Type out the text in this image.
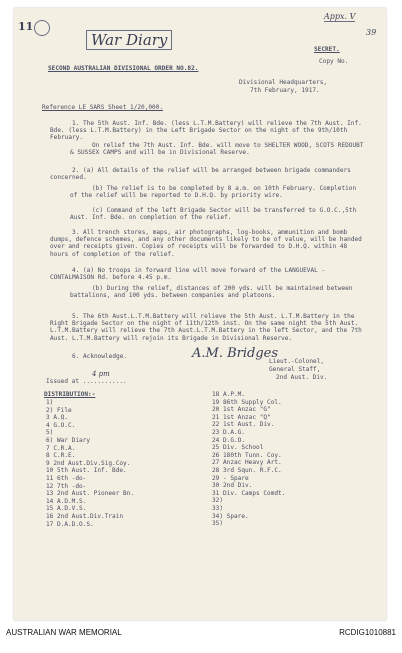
11
War Diary
Appx. V
39
SECRET.
Copy No.
SECOND AUSTRALIAN DIVISIONAL ORDER NO.82.
Divisional Headquarters,
7th February, 1917.
Reference LE SARS Sheet 1/20,000.

1. The 5th Aust. Inf. Bde. (less L.T.M.Battery) will relieve the 7th Aust. Inf. Bde. (less L.T.M.Battery) in the Left Brigade Sector on the night of the 9th/10th February.

On relief the 7th Aust. Inf. Bde. will move to SHELTER WOOD, SCOTS REDOUBT & SUSSEX CAMPS and will be in Divisional Reserve.

2. (a) All details of the relief will be arranged between brigade commanders concerned.

(b) The relief is to be completed by 8 a.m. on 10th February. Completion of the relief will be reported to D.H.Q. by priority wire.

(c) Command of the left Brigade Sector will be transferred to G.O.C.,5th Aust. Inf. Bde. on completion of the relief.

3. All trench stores, maps, air photographs, log-books, ammunition and bomb dumps, defence schemes, and any other documents likely to be of value, will be handed over and receipts given. Copies of receipts will be forwarded to D.H.Q. within 48 hours of completion of the relief.

4. (a) No troops in forward line will move forward of the LANGUEVAL - CONTALMAISON Rd. before 4.45 p.m.

(b) During the relief, distances of 200 yds. will be maintained between battalions, and 100 yds. between companies and platoons.

5. The 6th Aust.L.T.M.Battery will relieve the 5th Aust. L.T.M.Battery in the Right Brigade Sector on the night of 11th/12th inst. On the same night the 5th Aust. L.T.M.Battery will relieve the 7th Aust.L.T.M.Battery in the left Sector, and the 7th Aust. L.T.M.Battery will rejoin its Brigade in Divisional Reserve.

6. Acknowledge.	A.M. Bridges
Lieut.-Colonel,
General Staff,
2nd Aust. Div.
Issued at ............
4 pm
DISTRIBUTION:-
1)
2) File
3 A.Q.
4 G.O.C.
5)
6) War Diary
7 C.R.A.
8 C.R.E.
9 2nd Aust.Div.Sig.Coy.
10 5th Aust. Inf. Bde.
11 6th -do-
12 7th -do-
13 2nd Aust. Pioneer Bn.
14 A.D.M.S.
15 A.D.V.S.
16 2nd Aust.Div.Train
17 D.A.D.O.S.
18 A.P.M.
19 86th Supply Col.
20 1st Anzac "G"
21 1st Anzac "Q"
22 1st Aust. Div.
23 D.A.G.
24 D.G.O.
25 Div. School
26 180th Tunn. Coy.
27 Anzac Heavy Art.
28 3rd Squn. R.F.C.
29 - Spare
30 2nd Div.
31 Div. Camps Comdt.
32)
33)
34) Spare.
35)
AUSTRALIAN WAR MEMORIAL	RCDIG1010881
